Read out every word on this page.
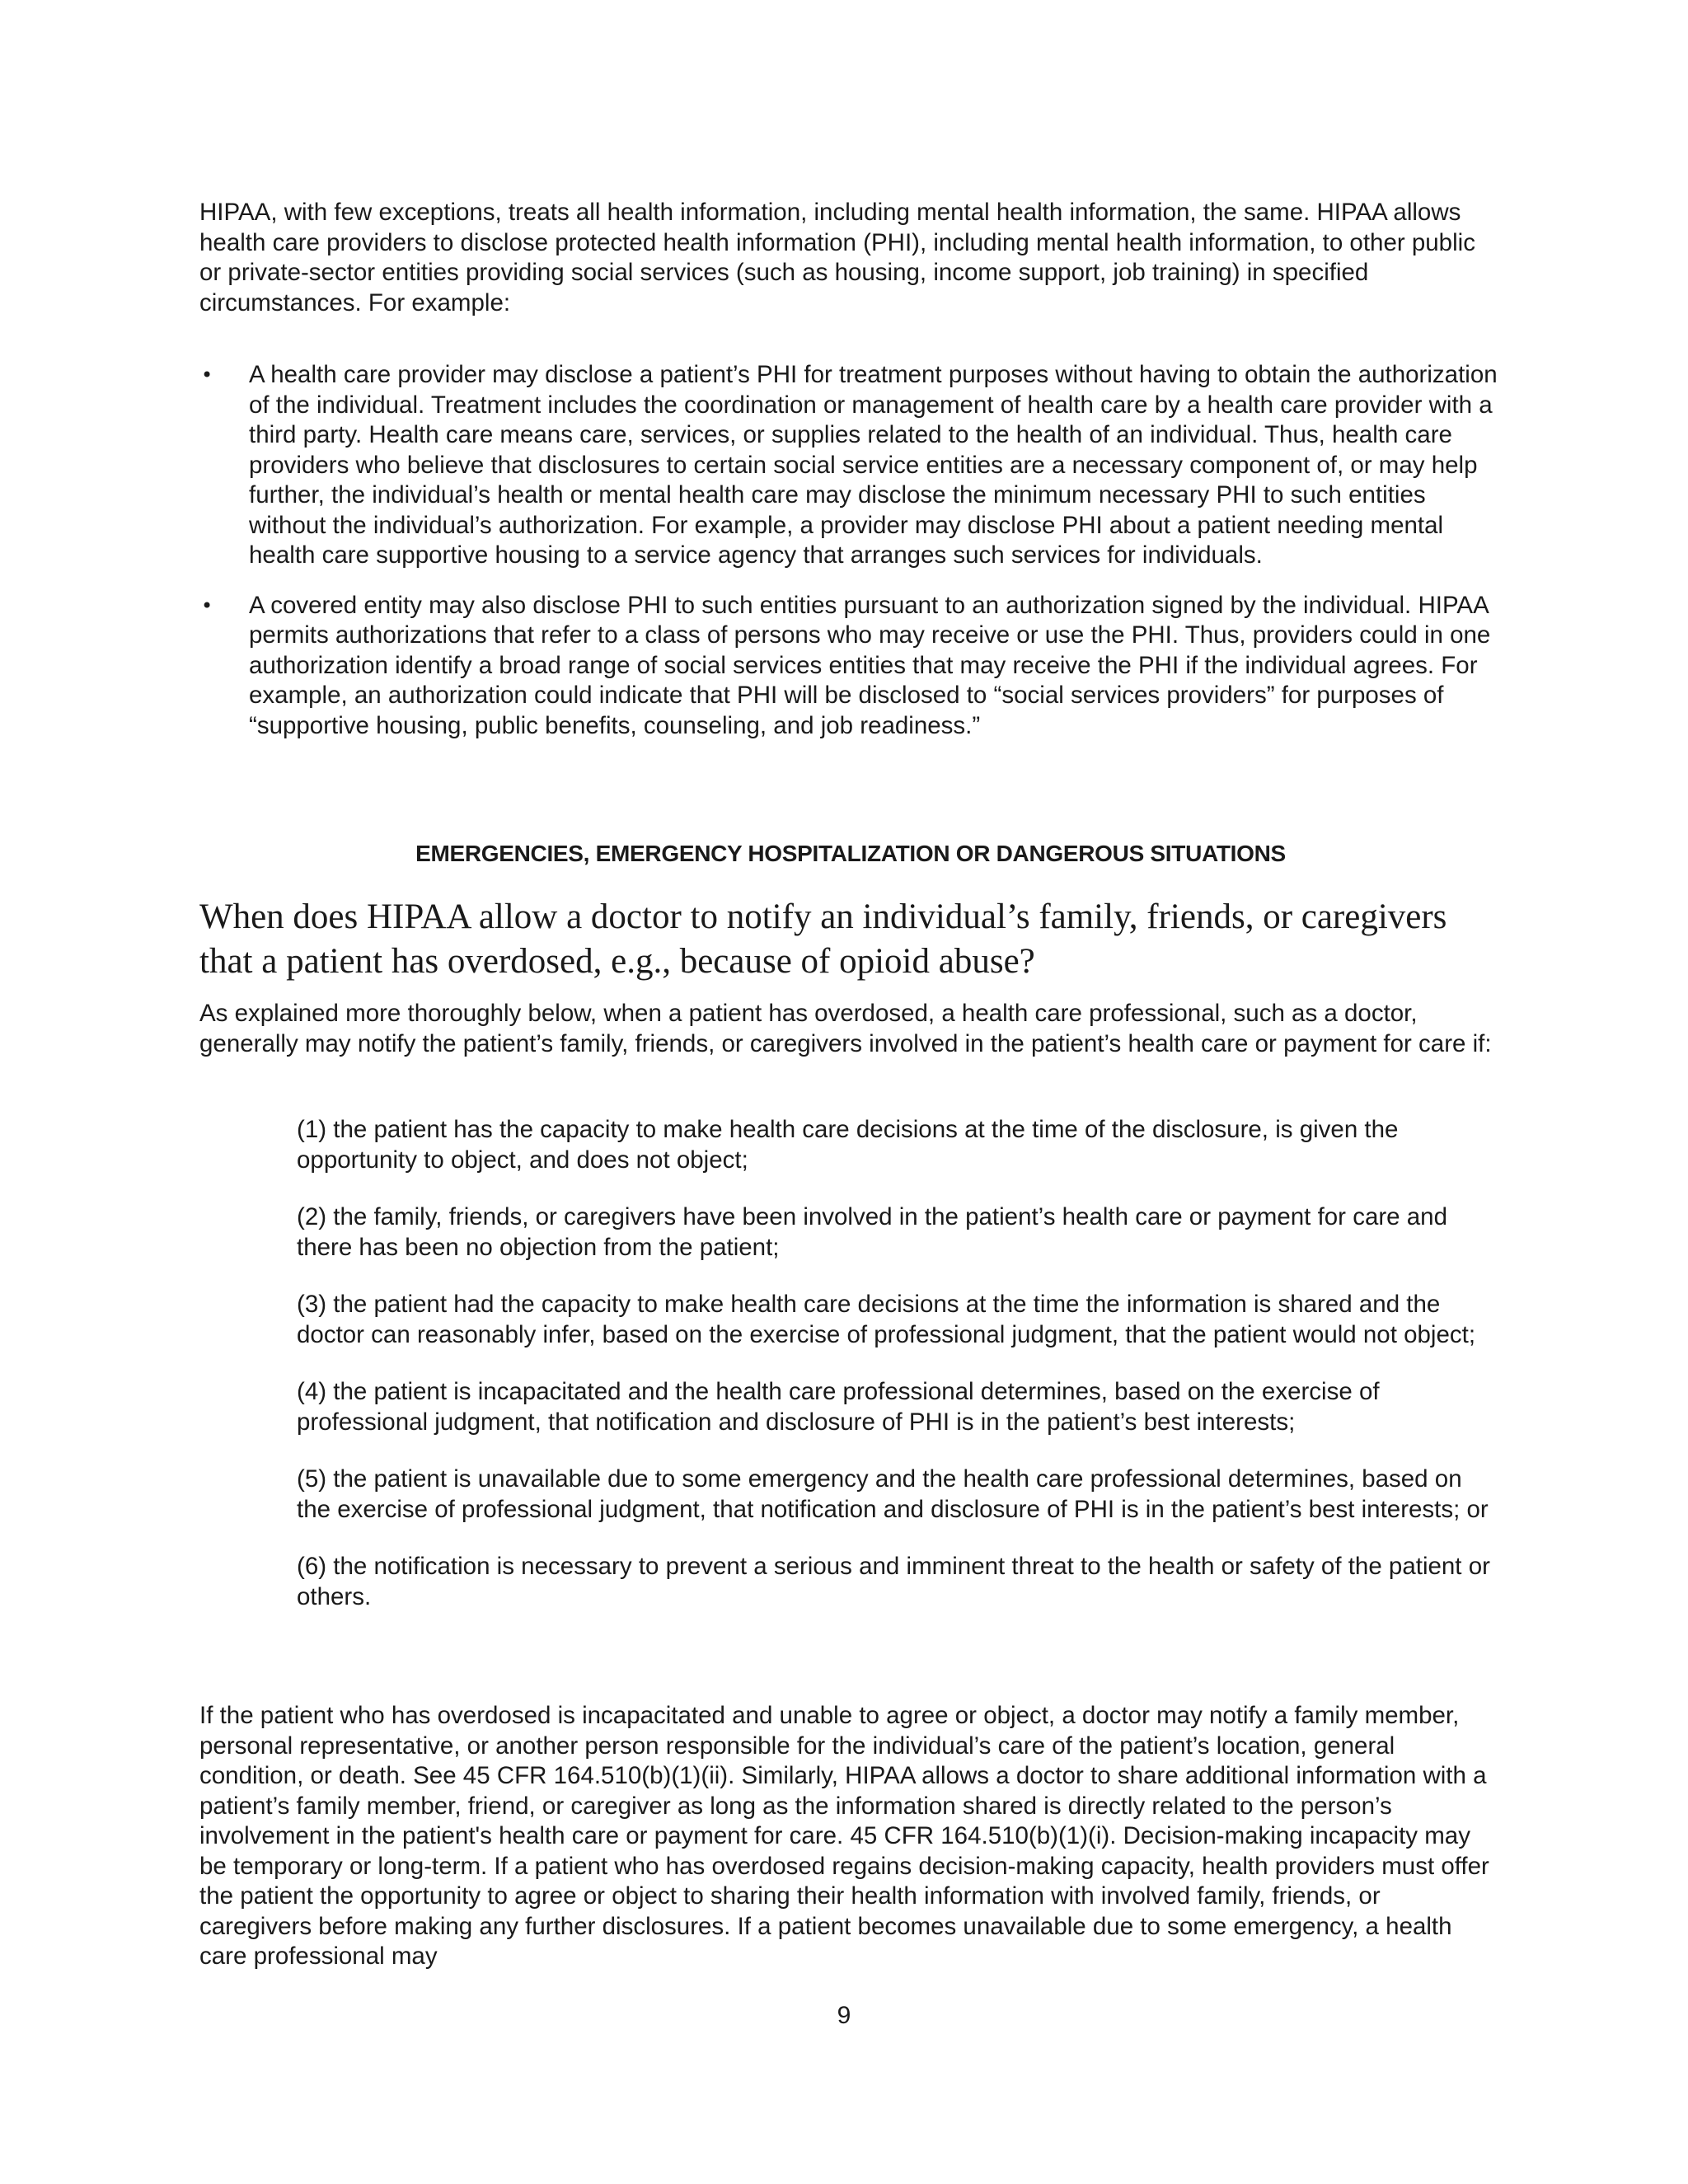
HIPAA, with few exceptions, treats all health information, including mental health information, the same. HIPAA allows health care providers to disclose protected health information (PHI), including mental health information, to other public or private-sector entities providing social services (such as housing, income support, job training) in specified circumstances. For example:

• A health care provider may disclose a patient’s PHI for treatment purposes without having to obtain the authorization of the individual. Treatment includes the coordination or management of health care by a health care provider with a third party. Health care means care, services, or supplies related to the health of an individual. Thus, health care providers who believe that disclosures to certain social service entities are a necessary component of, or may help further, the individual’s health or mental health care may disclose the minimum necessary PHI to such entities without the individual’s authorization. For example, a provider may disclose PHI about a patient needing mental health care supportive housing to a service agency that arranges such services for individuals.
• A covered entity may also disclose PHI to such entities pursuant to an authorization signed by the individual. HIPAA permits authorizations that refer to a class of persons who may receive or use the PHI. Thus, providers could in one authorization identify a broad range of social services entities that may receive the PHI if the individual agrees. For example, an authorization could indicate that PHI will be disclosed to “social services providers” for purposes of “supportive housing, public benefits, counseling, and job readiness.”
EMERGENCIES, EMERGENCY HOSPITALIZATION OR DANGEROUS SITUATIONS
When does HIPAA allow a doctor to notify an individual’s family, friends, or caregivers that a patient has overdosed, e.g., because of opioid abuse?

As explained more thoroughly below, when a patient has overdosed, a health care professional, such as a doctor, generally may notify the patient’s family, friends, or caregivers involved in the patient’s health care or payment for care if:

(1) the patient has the capacity to make health care decisions at the time of the disclosure, is given the opportunity to object, and does not object;
(2) the family, friends, or caregivers have been involved in the patient’s health care or payment for care and there has been no objection from the patient;
(3) the patient had the capacity to make health care decisions at the time the information is shared and the doctor can reasonably infer, based on the exercise of professional judgment, that the patient would not object;
(4) the patient is incapacitated and the health care professional determines, based on the exercise of professional judgment, that notification and disclosure of PHI is in the patient’s best interests;
(5) the patient is unavailable due to some emergency and the health care professional determines, based on the exercise of professional judgment, that notification and disclosure of PHI is in the patient’s best interests; or
(6) the notification is necessary to prevent a serious and imminent threat to the health or safety of the patient or others.

If the patient who has overdosed is incapacitated and unable to agree or object, a doctor may notify a family member, personal representative, or another person responsible for the individual’s care of the patient’s location, general condition, or death. See 45 CFR 164.510(b)(1)(ii). Similarly, HIPAA allows a doctor to share additional information with a patient’s family member, friend, or caregiver as long as the information shared is directly related to the person’s involvement in the patient's health care or payment for care. 45 CFR 164.510(b)(1)(i). Decision-making incapacity may be temporary or long-term. If a patient who has overdosed regains decision-making capacity, health providers must offer the patient the opportunity to agree or object to sharing their health information with involved family, friends, or caregivers before making any further disclosures. If a patient becomes unavailable due to some emergency, a health care professional may

9
